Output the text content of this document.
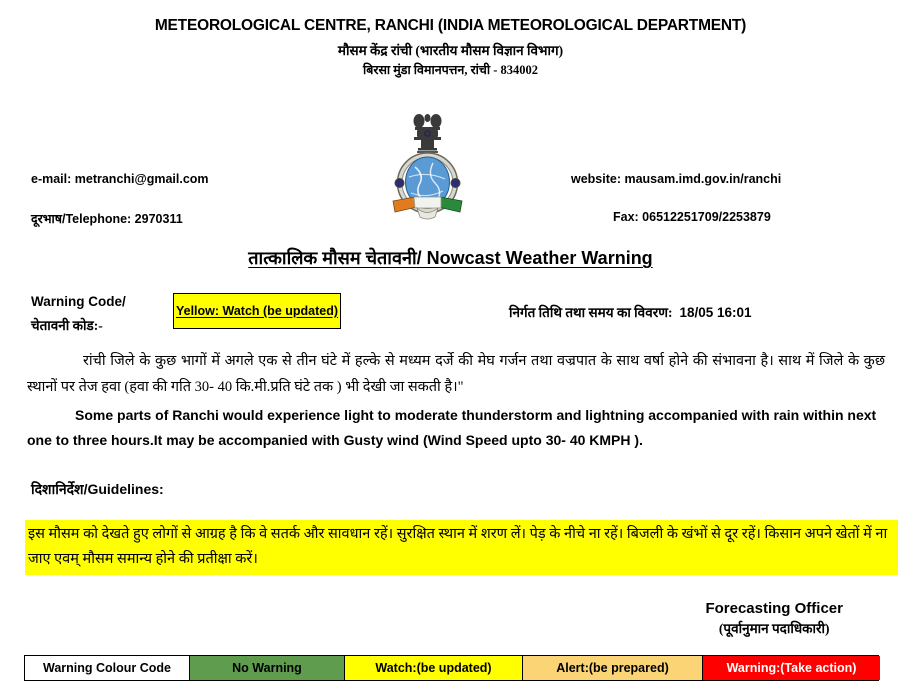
METEOROLOGICAL CENTRE, RANCHI (INDIA METEOROLOGICAL DEPARTMENT)
मौसम केंद्र रांची (भारतीय मौसम विज्ञान विभाग)
बिरसा मुंडा विमानपत्तन, रांची - 834002
e-mail: metranchi@gmail.com
दूरभाष/Telephone: 2970311
website: mausam.imd.gov.in/ranchi
Fax: 06512251709/2253879
तात्कालिक मौसम चेतावनी/ Nowcast Weather Warning
Warning Code/
चेतावनी कोड:-
Yellow: Watch (be updated)	निर्गत तिथि तथा समय का विवरण: 18/05 16:01
रांची जिले के कुछ भागों में अगले एक से तीन घंटे में हल्के से मध्यम दर्जे की मेघ गर्जन तथा वज्रपात के साथ वर्षा होने की संभावना है। साथ में जिले के कुछ स्थानों पर तेज हवा (हवा की गति 30- 40 कि.मी.प्रति घंटे तक ) भी देखी जा सकती है।"
Some parts of Ranchi would experience light to moderate thunderstorm and lightning accompanied with rain within next one to three hours.It may be accompanied with Gusty wind (Wind Speed upto 30- 40 KMPH ).
दिशानिर्देश/Guidelines:
इस मौसम को देखते हुए लोगों से आग्रह है कि वे सतर्क और सावधान रहें। सुरक्षित स्थान में शरण लें। पेड़ के नीचे ना रहें। बिजली के खंभों से दूर रहें। किसान अपने खेतों में ना जाए एवम् मौसम समान्य होने की प्रतीक्षा करें।
Forecasting Officer
(पूर्वानुमान पदाधिकारी)
Warning Colour Code	No Warning	Watch:(be updated)	Alert:(be prepared)	Warning:(Take action)
